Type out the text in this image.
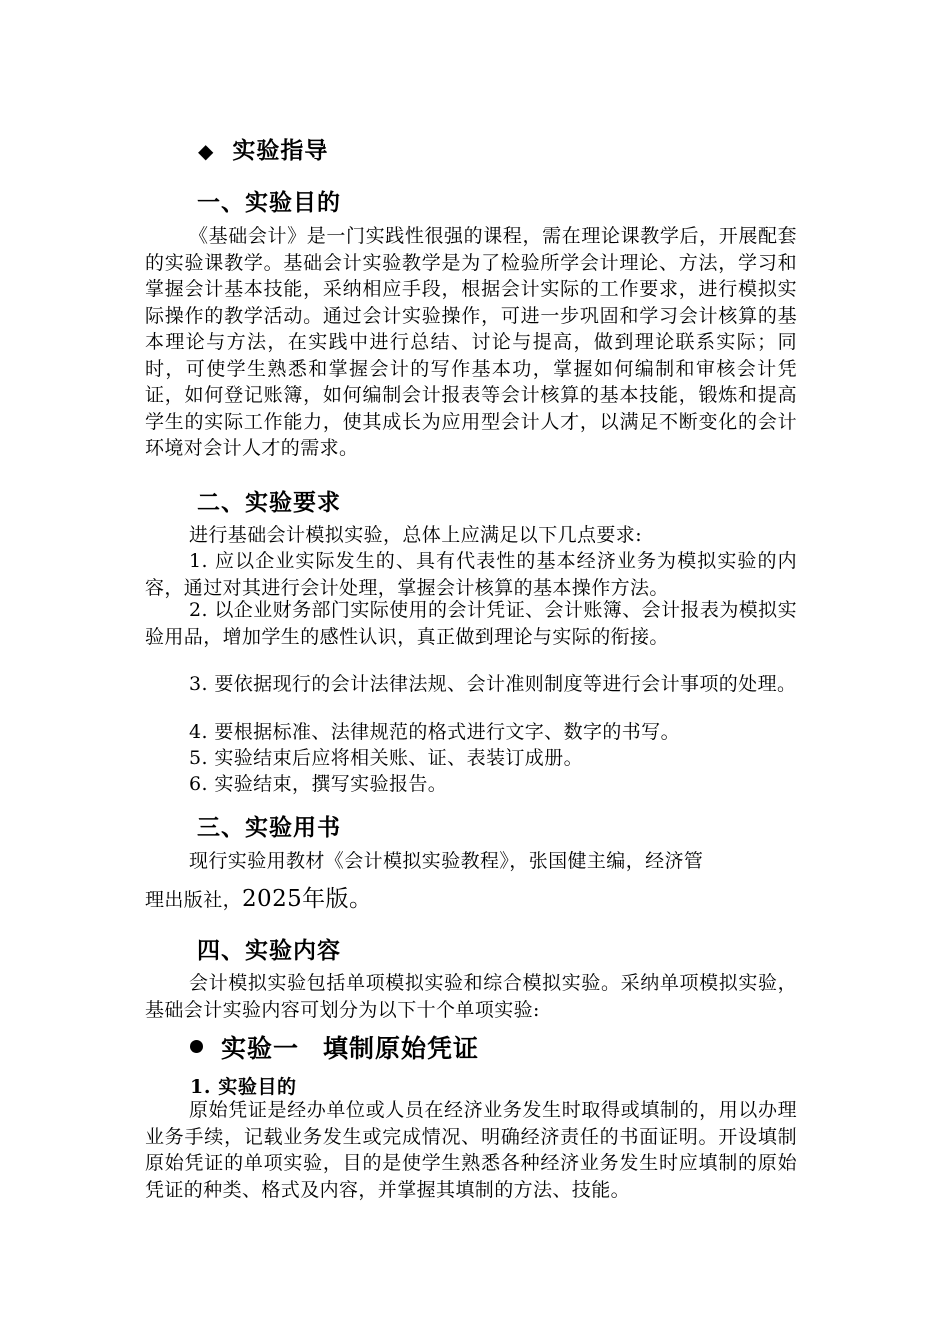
◆ 实验指导
一、实验目的
《基础会计》是一门实践性很强的课程，需在理论课教学后，开展配套的实验课教学。基础会计实验教学是为了检验所学会计理论、方法，学习和掌握会计基本技能，采纳相应手段，根据会计实际的工作要求，进行模拟实际操作的教学活动。通过会计实验操作，可进一步巩固和学习会计核算的基本理论与方法，在实践中进行总结、讨论与提高，做到理论联系实际；同时，可使学生熟悉和掌握会计的写作基本功，掌握如何编制和审核会计凭证，如何登记账簿，如何编制会计报表等会计核算的基本技能，锻炼和提高学生的实际工作能力，使其成长为应用型会计人才，以满足不断变化的会计环境对会计人才的需求。
二、实验要求
进行基础会计模拟实验，总体上应满足以下几点要求:
1. 应以企业实际发生的、具有代表性的基本经济业务为模拟实验的内容，通过对其进行会计处理，掌握会计核算的基本操作方法。
2. 以企业财务部门实际使用的会计凭证、会计账簿、会计报表为模拟实验用品，增加学生的感性认识，真正做到理论与实际的衔接。
3. 要依据现行的会计法律法规、会计准则制度等进行会计事项的处理。
4. 要根据标准、法律规范的格式进行文字、数字的书写。
5. 实验结束后应将相关账、证、表装订成册。
6. 实验结束，撰写实验报告。
三、实验用书
现行实验用教材《会计模拟实验教程》，张国健主编，经济管
理出版社，2025年版。
四、实验内容
会计模拟实验包括单项模拟实验和综合模拟实验。采纳单项模拟实验，基础会计实验内容可划分为以下十个单项实验:
实验一 填制原始凭证
1. 实验目的
原始凭证是经办单位或人员在经济业务发生时取得或填制的，用以办理业务手续，记载业务发生或完成情况、明确经济责任的书面证明。开设填制原始凭证的单项实验，目的是使学生熟悉各种经济业务发生时应填制的原始凭证的种类、格式及内容，并掌握其填制的方法、技能。
